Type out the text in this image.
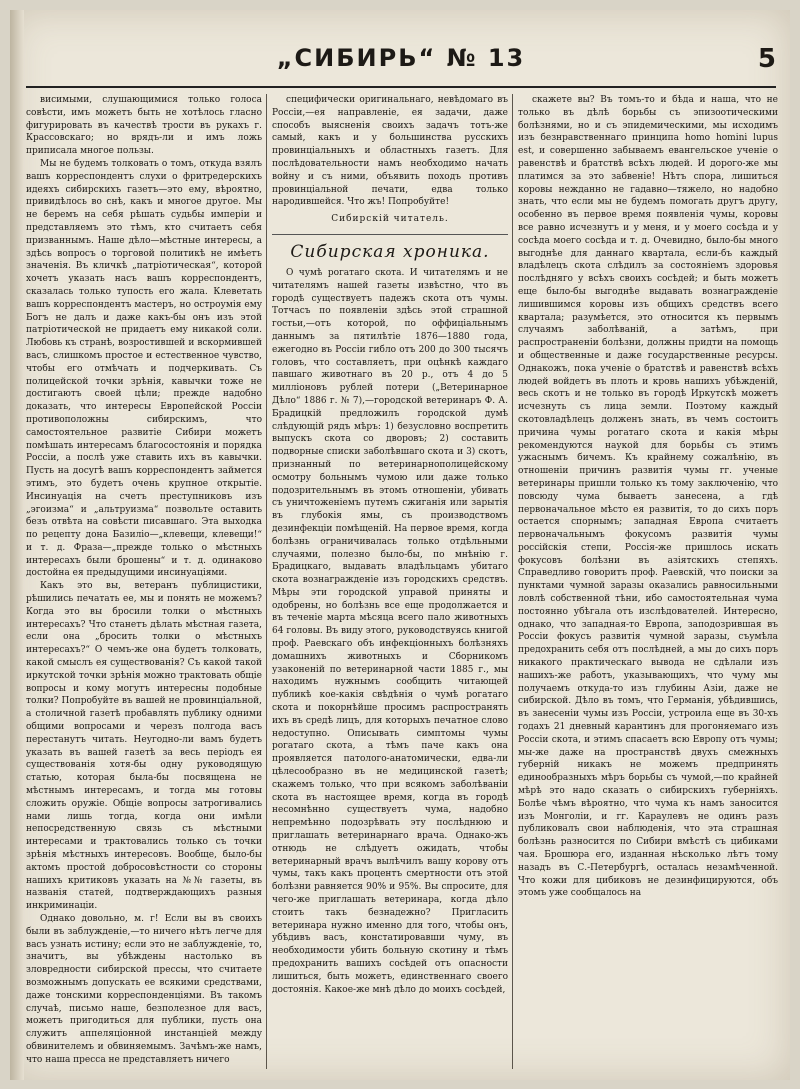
„СИБИРЬ“ № 13	5

висимыми, слушающимися только голоса совѣсти, имъ можетъ быть не хотѣлось гласно фигурировать въ качествѣ трости въ рукахъ г. Крассовскаго; но врядъ-ли и имъ ложь приписала многое пользы.

Мы не будемъ толковать о томъ, откуда взялъ вашъ корреспондентъ слухи о фритредерскихъ идеяхъ сибирскихъ газетъ—это ему, вѣроятно, привидѣлось во снѣ, какъ и многое другое. Мы не беремъ на себя рѣшать судьбы имперіи и представляемъ это тѣмъ, кто считаетъ себя призваннымъ. Наше дѣло—мѣстные интересы, а здѣсь вопросъ о торговой политикѣ не имѣетъ значенія. Въ кличкѣ „патріотическая“, которой хочетъ указать насъ вашъ корреспондентъ, сказалась только тупость его жала. Клеветать вашъ корреспондентъ мастеръ, но остроумія ему Богъ не далъ и даже какъ-бы онъ изъ этой патріотической не придаетъ ему никакой соли. Любовь къ странѣ, возростившей и вскормившей васъ, слишкомъ простое и естественное чувство, чтобы его отмѣчать и подчеркивать. Съ полицейской точки зрѣнія, кавычки тоже не достигаютъ своей цѣли; прежде надобно доказать, что интересы Европейской Россіи противоположны сибирскимъ, что самостоятельное развитіе Сибири можетъ помѣшать интересамъ благосостоянія и порядка Россіи, а послѣ уже ставить ихъ въ кавычки. Пусть на досугѣ вашъ корреспондентъ займется этимъ, это будетъ очень крупное открытіе. Инсинуація на счетъ преступниковъ изъ „эгоизма“ и „альтруизма“ позвольте оставить безъ отвѣта на совѣсти писавшаго. Эта выходка по рецепту дона Базиліо—„клевещи, клевещи!“ и т. д. Фраза—„прежде только о мѣстныхъ интересахъ были брошены“ и т. д. одинаково достойна ея предыдущими инсинуаціями.

Какъ это вы, ветеранъ публицистики, рѣшились печатать ее, мы и понять не можемъ? Когда это вы бросили толки о мѣстныхъ интересахъ? Что станетъ дѣлать мѣстная газета, если она „бросить толки о мѣстныхъ интересахъ?“ О чемъ-же она будетъ толковать, какой смыслъ ея существованія? Съ какой такой иркутской точки зрѣнія можно трактовать общіе вопросы и кому могутъ интересны подобные толки? Попробуйте въ вашей не провинціальной, а столичной газетѣ пробавлять публику одними общими вопросами и черезъ полгода васъ перестанутъ читать. Неугодно-ли вамъ будетъ указать въ вашей газетѣ за весь періодъ ея существованія хотя-бы одну руководящую статью, которая была-бы посвящена не мѣстнымъ интересамъ, и тогда мы готовы сложить оружіе. Общіе вопросы затрогивались нами лишь тогда, когда они имѣли непосредственную связь съ мѣстными интересами и трактовались только съ точки зрѣнія мѣстныхъ интересовъ. Вообще, было-бы актомъ простой добросовѣстности со стороны нашихъ критиковъ указать на №№ газеты, въ названія статей, подтверждающихъ разныя инкриминаціи.

Однако довольно, м. г! Если вы въ своихъ были въ заблужденіе,—то ничего нѣтъ легче для васъ узнать истину; если это не заблужденіе, то, значитъ, вы убѣждены настолько въ зловредности сибирской прессы, что считаете возможнымъ допускать ее всякими средствами, даже тонскими корреспонденціями. Въ такомъ случаѣ, письмо наше, безполезное для васъ, можетъ пригодиться для публики, пусть она служитъ аппеляціонной инстанціей между обвинителемъ и обвиняемымъ. Зачѣмъ-же намъ, что наша пресса не представляетъ ничего

специфически оригинальнаго, невѣдомаго въ Россіи,—ея направленіе, ея задачи, даже способъ выясненія своихъ задачъ тотъ-же самый, какъ и у большинства русскихъ провинціальныхъ и областныхъ газетъ. Для послѣдовательности намъ необходимо начать войну и съ ними, объявить походъ противъ провинціальной печати, едва только народившейся. Что жъ! Попробуйте!

Сибирскій читатель.

Сибирская хроника.

О чумѣ рогатаго скота. И читателямъ и не читателямъ нашей газеты извѣстно, что въ городѣ существуетъ падежъ скота отъ чумы. Тотчасъ по появленіи здѣсь этой страшной гостьи,—отъ которой, по оффиціальнымъ даннымъ за пятилѣтіе 1876—1880 года, ежегодно въ Россіи гибло отъ 200 до 300 тысячъ головъ, что составляетъ, при оцѣнкѣ каждаго павшаго животнаго въ 20 р., отъ 4 до 5 милліоновъ рублей потери („Ветеринарное Дѣло“ 1886 г. № 7),—городской ветеринаръ Ф. А. Брадицкій предложилъ городской думѣ слѣдующій рядъ мѣръ: 1) безусловно воспретить выпускъ скота со дворовъ; 2) составить подворные списки заболѣвшаго скота и 3) скотъ, признанный по ветеринарнополицейскому осмотру больнымъ чумою или даже только подозрительнымъ въ этомъ отношеніи, убивать съ уничтоженіемъ путемъ сжиганія или зарытія въ глубокія ямы, съ производствомъ дезинфекціи помѣщеній. На первое время, когда болѣзнь ограничивалась только отдѣльными случаями, полезно было-бы, по мнѣнію г. Брадицкаго, выдавать владѣльцамъ убитаго скота вознагражденіе изъ городскихъ средствъ. Мѣры эти городской управой приняты и одобрены, но болѣзнь все еще продолжается и въ теченіе марта мѣсяца всего пало животныхъ 64 головы. Въ виду этого, руководствуясь книгой проф. Раевскаго объ инфекціонныхъ болѣзняхъ домашнихъ животныхъ и Сборникомъ узаконеній по ветеринарной части 1885 г., мы находимъ нужнымъ сообщить читающей публикѣ кое-какія свѣдѣнія о чумѣ рогатаго скота и покорнѣйше просимъ распространять ихъ въ средѣ лицъ, для которыхъ печатное слово недоступно. Описывать симптомы чумы рогатаго скота, а тѣмъ паче какъ она проявляется патолого-анатомически, едва-ли цѣлесообразно въ не медицинской газетѣ; скажемъ только, что при всякомъ заболѣваніи скота въ настоящее время, когда въ городѣ несомнѣнно существуетъ чума, надобно непремѣнно подозрѣвать эту послѣднюю и приглашать ветеринарнаго врача. Однако-жъ отнюдь не слѣдуетъ ожидать, чтобы ветеринарный врачъ вылѣчилъ вашу корову отъ чумы, такъ какъ процентъ смертности отъ этой болѣзни равняется 90% и 95%. Вы спросите, для чего-же приглашать ветеринара, когда дѣло стоитъ такъ безнадежно? Пригласить ветеринара нужно именно для того, чтобы онъ, убѣдивъ васъ, констатировавши чуму, въ необходимости убить больную скотину и тѣмъ предохранить вашихъ сосѣдей отъ опасности лишиться, быть можетъ, единственнаго своего достоянія. Какое-же мнѣ дѣло до моихъ сосѣдей,

скажете вы? Въ томъ-то и бѣда и наша, что не только въ дѣлѣ борьбы съ эпизоотическими болѣзнями, но и съ эпидемическими, мы исходимъ изъ безнравственнаго принципа homo homini lupus est, и совершенно забываемъ евангельское ученіе о равенствѣ и братствѣ всѣхъ людей. И дорого-же мы платимся за это забвеніе! Нѣтъ спора, лишиться коровы нежданно не гадавно—тяжело, но надобно знать, что если мы не будемъ помогать другъ другу, особенно въ первое время появленія чумы, коровы все равно исчезнутъ и у меня, и у моего сосѣда и у сосѣда моего сосѣда и т. д. Очевидно, было-бы много выгоднѣе для даннаго квартала, если-бъ каждый владѣлецъ скота слѣдилъ за состояніемъ здоровья послѣдняго у всѣхъ своихъ сосѣдей; и быть можетъ еще было-бы выгоднѣе выдавать вознагражденіе лишившимся коровы изъ общихъ средствъ всего квартала; разумѣется, это относится къ первымъ случаямъ заболѣваній, а затѣмъ, при распространеніи болѣзни, должны придти на помощь и общественные и даже государственные ресурсы. Однакожъ, пока ученіе о братствѣ и равенствѣ всѣхъ людей войдетъ въ плоть и кровь нашихъ убѣжденій, весь скотъ и не только въ городѣ Иркутскѣ можетъ исчезнуть съ лица земли. Поэтому каждый скотовладѣлецъ долженъ знать, въ чемъ состоитъ причина чумы рогатаго скота и какія мѣры рекомендуются наукой для борьбы съ этимъ ужаснымъ бичемъ. Къ крайнему сожалѣнію, въ отношеніи причинъ развитія чумы гг. ученые ветеринары пришли только къ тому заключенію, что повсюду чума бываетъ занесена, а гдѣ первоначальное мѣсто ея развитія, то до сихъ поръ остается спорнымъ; западная Европа считаетъ первоначальнымъ фокусомъ развитія чумы россійскія степи, Россія-же пришлось искать фокусовъ болѣзни въ азіятскихъ степяхъ. Справедливо говоритъ проф. Раевскій, что поиски за пунктами чумной заразы оказались равносильными ловлѣ собственной тѣни, ибо самостоятельная чума постоянно убѣгала отъ изслѣдователей. Интересно, однако, что западная-то Европа, заподозрившая въ Россіи фокусъ развитія чумной заразы, съумѣла предохранить себя отъ послѣдней, а мы до сихъ поръ никакого практическаго вывода не сдѣлали изъ нашихъ-же работъ, указывающихъ, что чуму мы получаемъ откуда-то изъ глубины Азіи, даже не сибирской. Дѣло въ томъ, что Германія, убѣдившись, въ занесеніи чумы изъ Россіи, устроила еще въ 30-хъ годахъ 21 дневный карантинъ для прогоняемаго изъ Россіи скота, и этимъ спасаетъ всю Европу отъ чумы; мы-же даже на пространствѣ двухъ смежныхъ губерній никакъ не можемъ предпринять единообразныхъ мѣръ борьбы съ чумой,—по крайней мѣрѣ это надо сказать о сибирскихъ губерніяхъ. Болѣе чѣмъ вѣроятно, что чума къ намъ заносится изъ Монголіи, и гг. Караулевъ не одинъ разъ публиковалъ свои наблюденія, что эта страшная болѣзнь разносится по Сибири вмѣстѣ съ цибиками чая. Брошюра его, изданная нѣсколько лѣтъ тому назадъ въ С.-Петербургѣ, осталась незамѣченной. Что кожи для цибиковъ не дезинфицируются, объ этомъ уже сообщалось на
